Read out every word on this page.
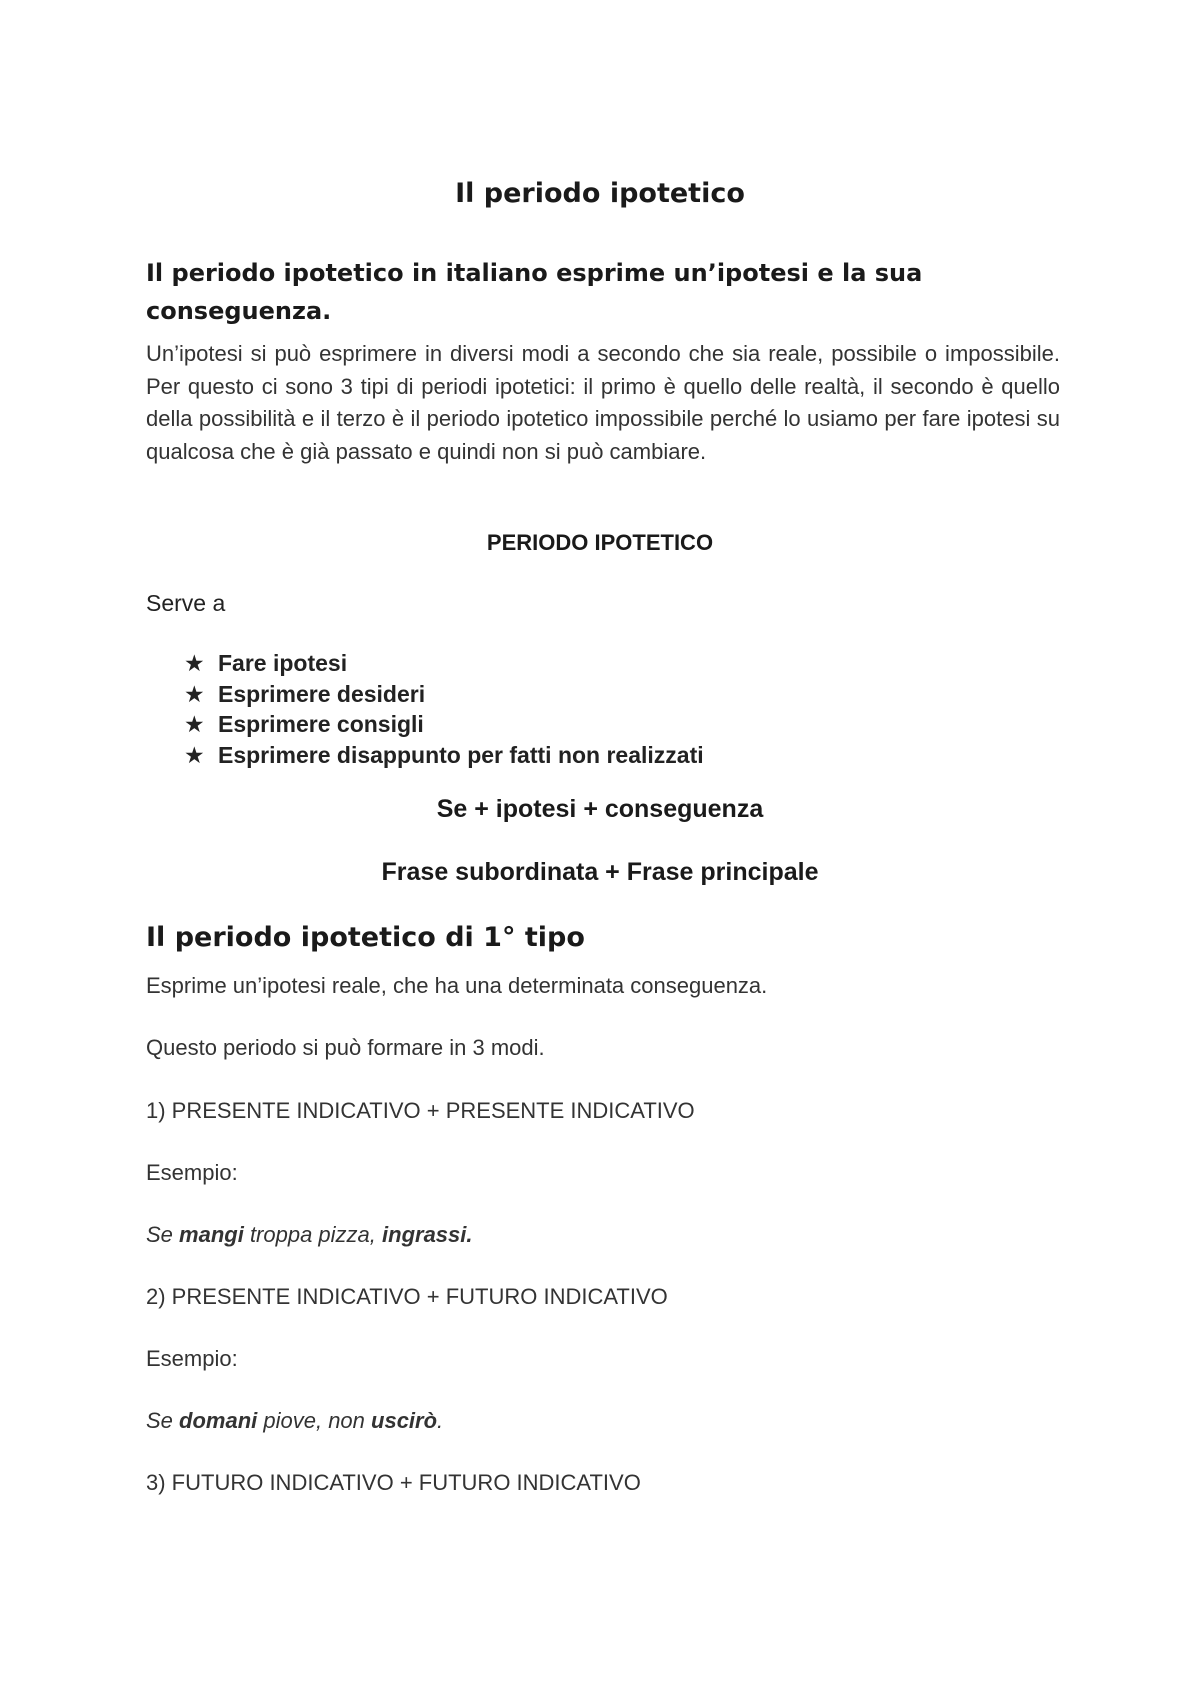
Il periodo ipotetico

Il periodo ipotetico in italiano esprime un’ipotesi e la sua conseguenza.

Un’ipotesi si può esprimere in diversi modi a secondo che sia reale, possibile o impossibile. Per questo ci sono 3 tipi di periodi ipotetici: il primo è quello delle realtà, il secondo è quello della possibilità e il terzo è il periodo ipotetico impossibile perché lo usiamo per fare ipotesi su qualcosa che è già passato e quindi non si può cambiare.

PERIODO IPOTETICO

Serve a

★ Fare ipotesi
★ Esprimere desideri
★ Esprimere consigli
★ Esprimere disappunto per fatti non realizzati

Se + ipotesi + conseguenza

Frase subordinata + Frase principale

Il periodo ipotetico di 1° tipo

Esprime un’ipotesi reale, che ha una determinata conseguenza.

Questo periodo si può formare in 3 modi.

1) PRESENTE INDICATIVO + PRESENTE INDICATIVO

Esempio:

Se mangi troppa pizza, ingrassi.

2) PRESENTE INDICATIVO + FUTURO INDICATIVO

Esempio:

Se domani piove, non uscirò.

3) FUTURO INDICATIVO + FUTURO INDICATIVO
